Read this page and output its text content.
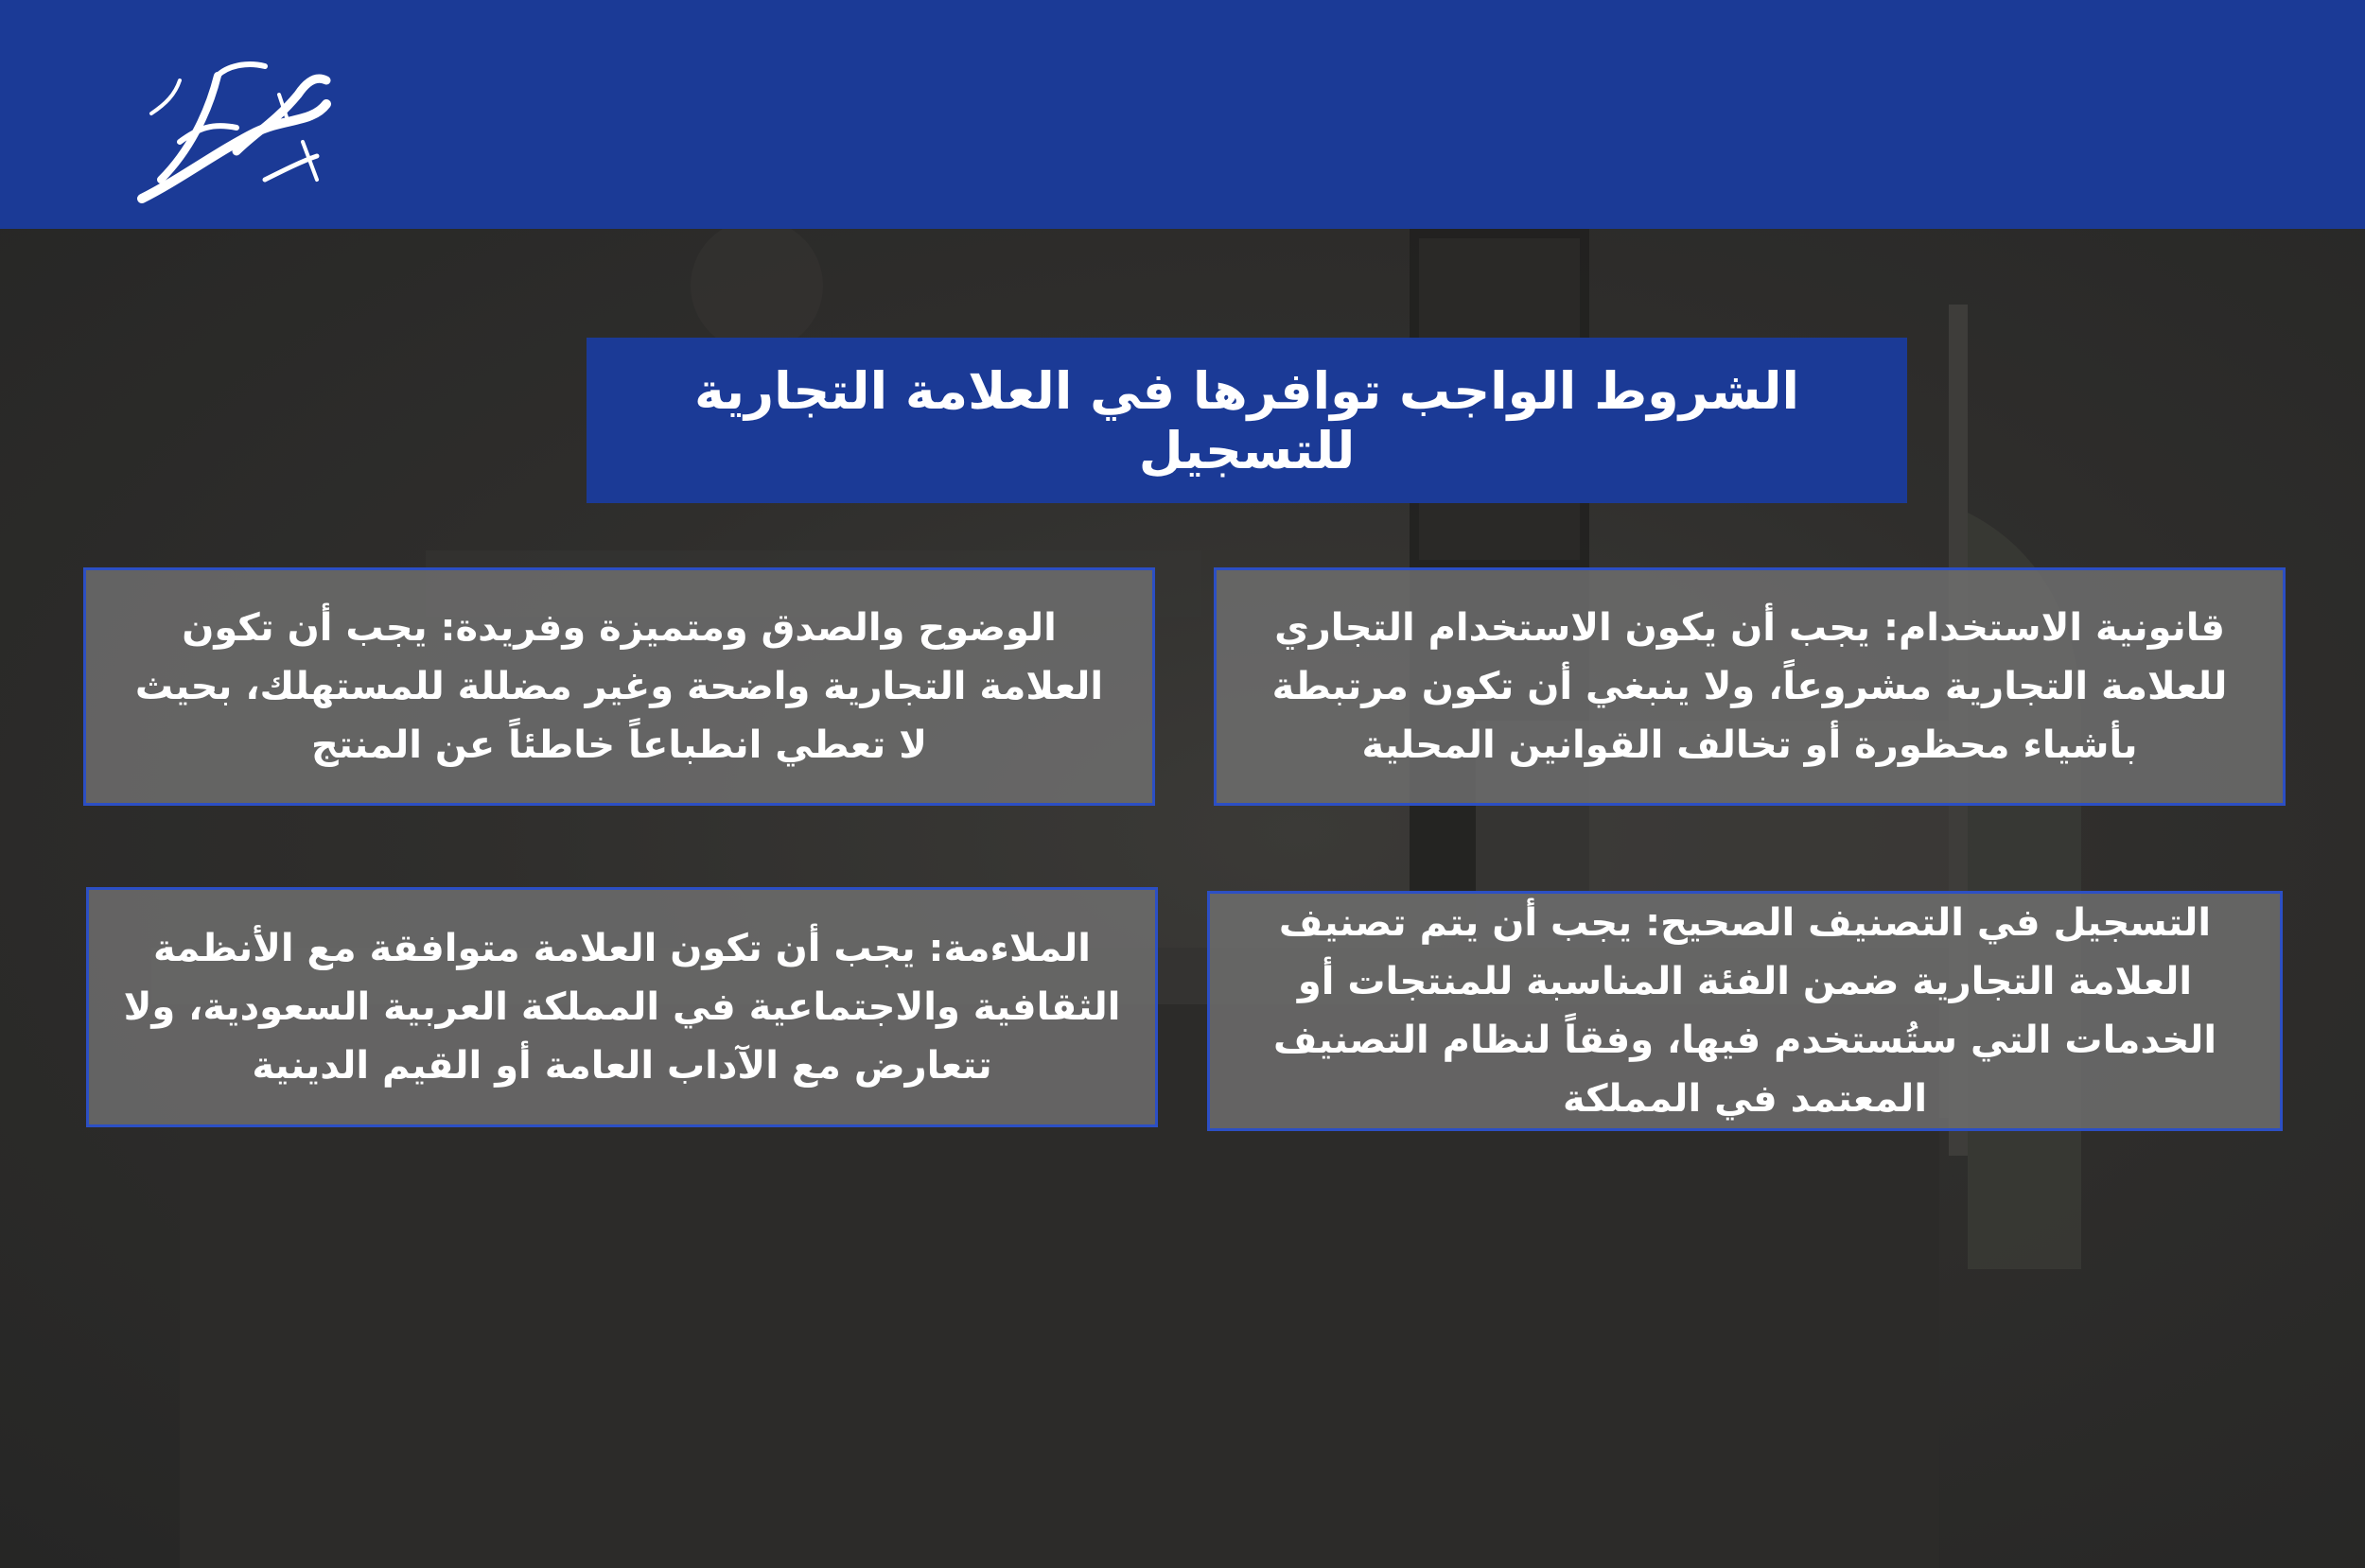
الشروط الواجب توافرها في العلامة التجارية للتسجيل
قانونية الاستخدام: يجب أن يكون الاستخدام التجاري للعلامة التجارية مشروعاً، ولا ينبغي أن تكون مرتبطة بأشياء محظورة أو تخالف القوانين المحلية
الوضوح والصدق ومتميزة وفريدة: يجب أن تكون العلامة التجارية واضحة وغير مضللة للمستهلك، بحيث لا تعطي انطباعاً خاطئاً عن المنتج
التسجيل في التصنيف الصحيح: يجب أن يتم تصنيف العلامة التجارية ضمن الفئة المناسبة للمنتجات أو الخدمات التي ستُستخدم فيها، وفقاً لنظام التصنيف المعتمد في المملكة
الملاءمة: يجب أن تكون العلامة متوافقة مع الأنظمة الثقافية والاجتماعية في المملكة العربية السعودية، ولا تتعارض مع الآداب العامة أو القيم الدينية
